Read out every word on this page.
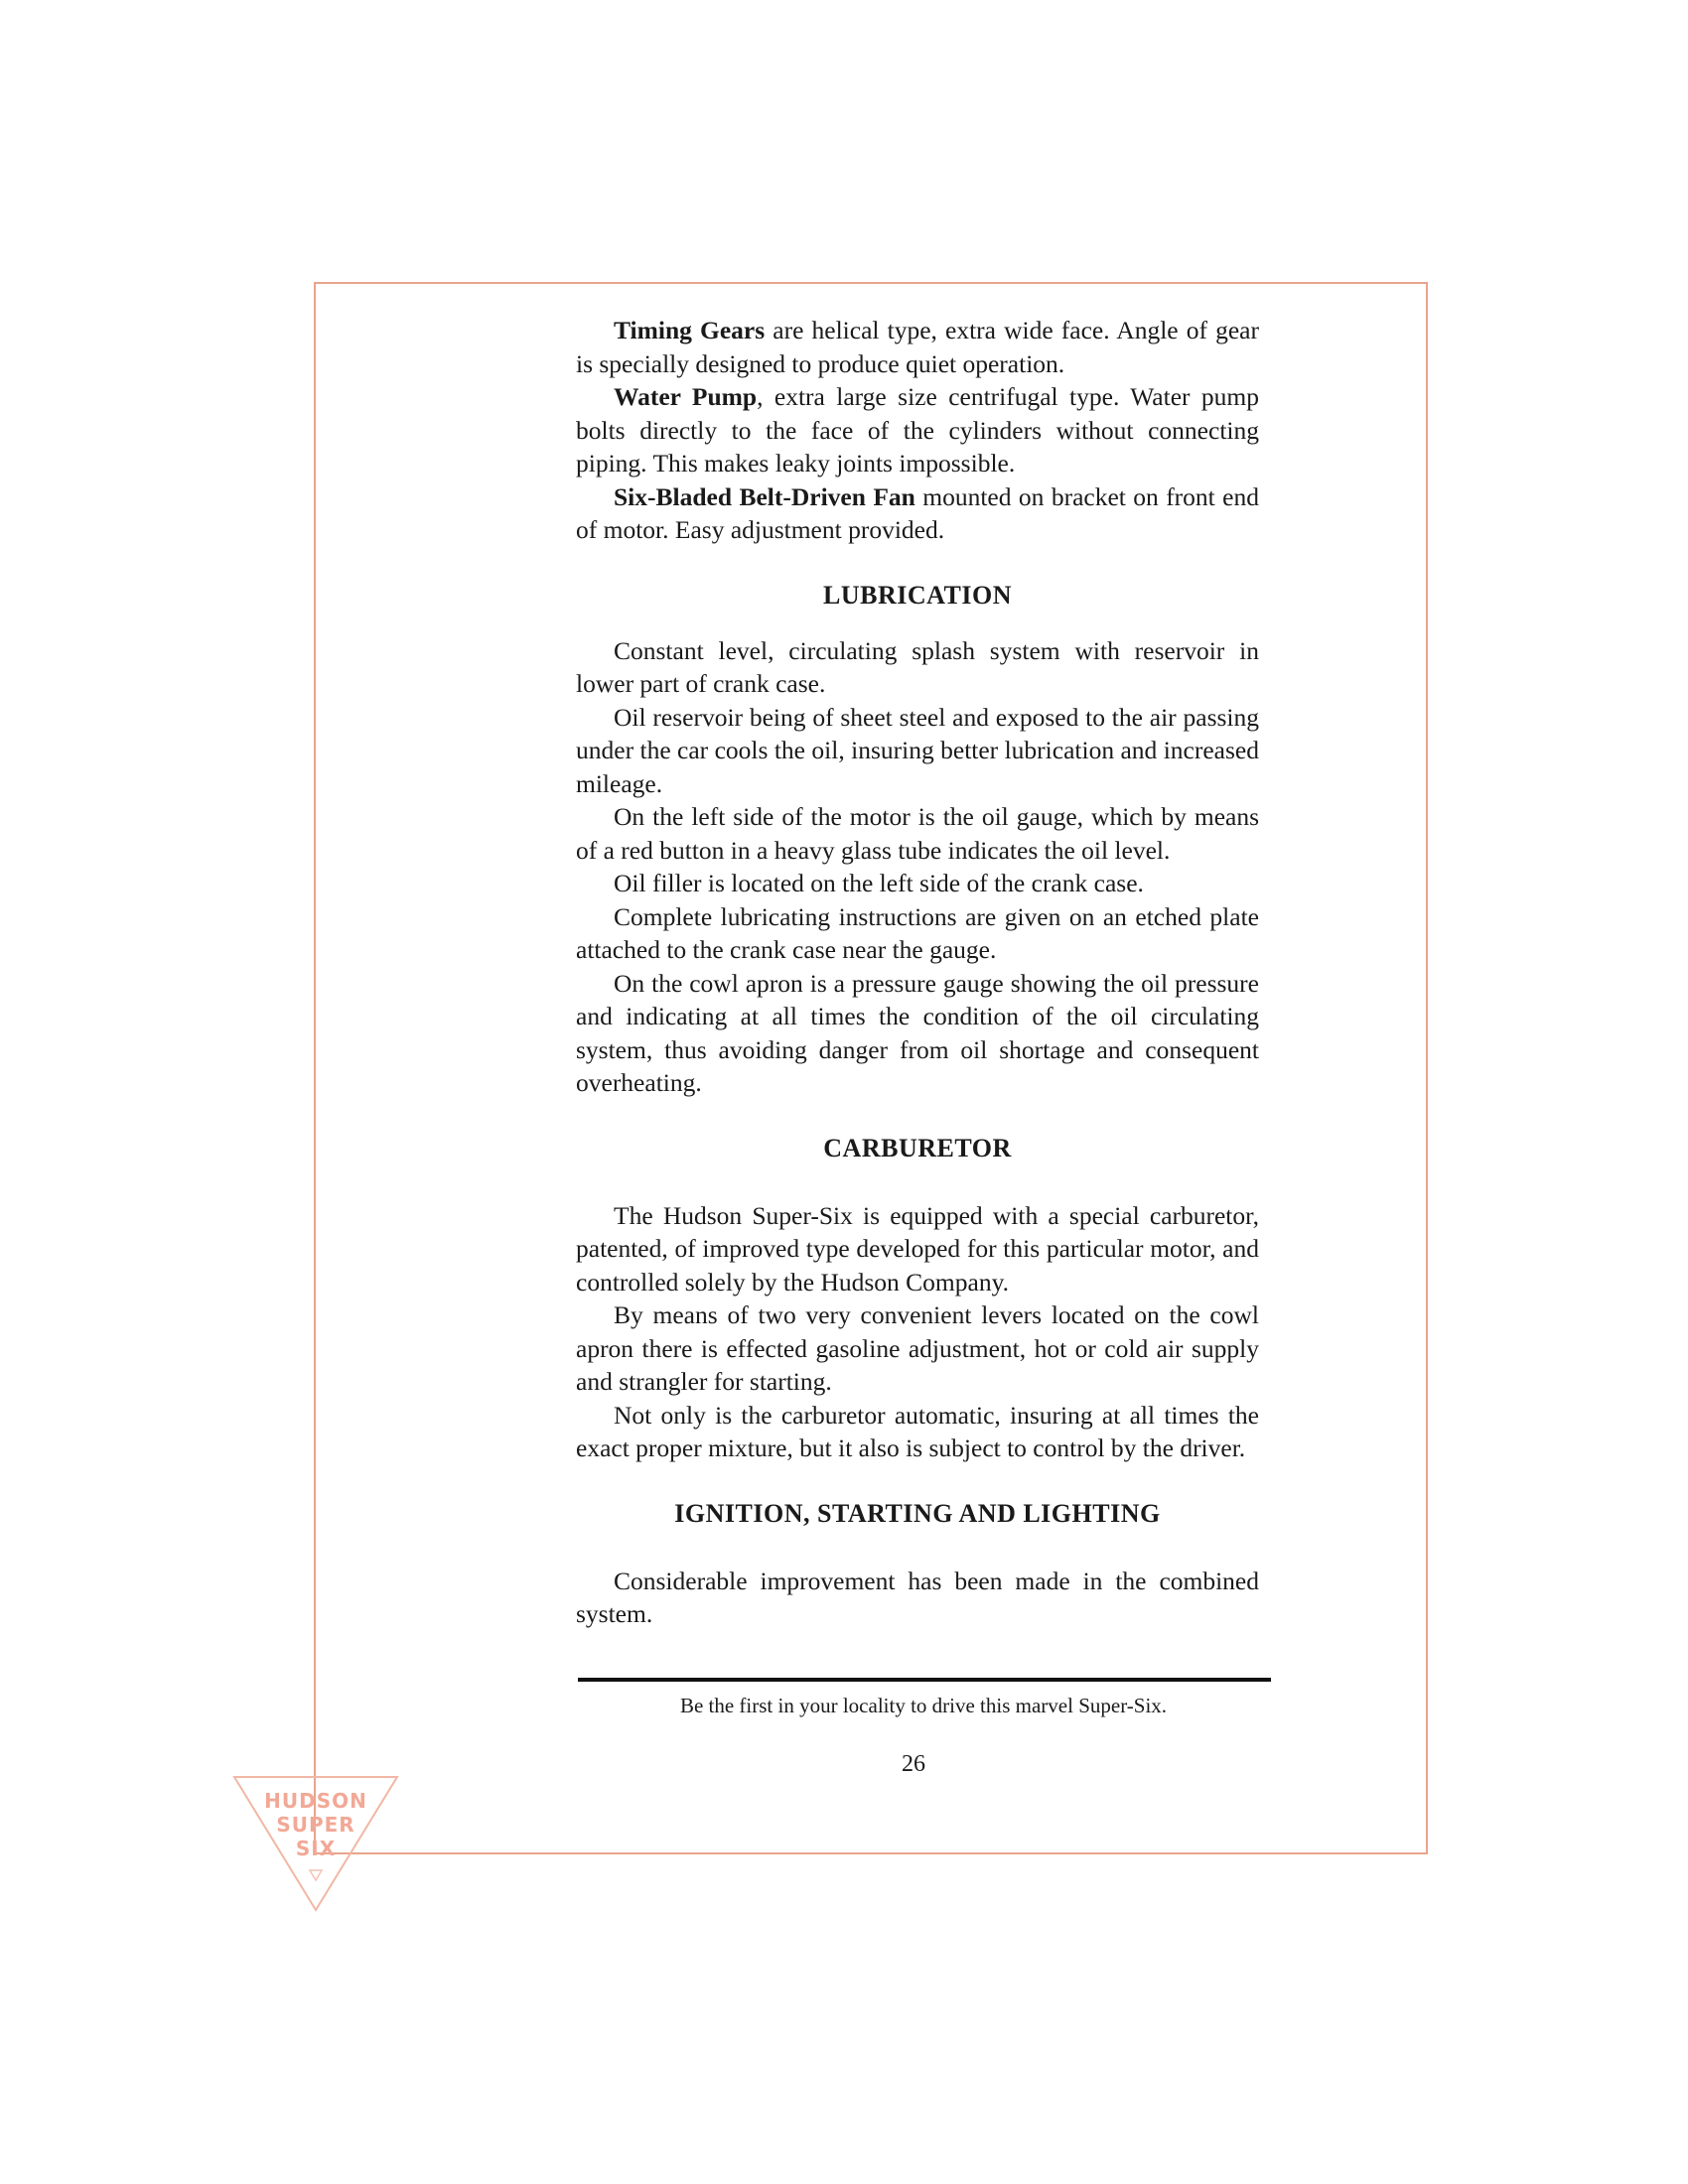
Timing Gears are helical type, extra wide face. Angle of gear is specially designed to produce quiet operation.

Water Pump, extra large size centrifugal type. Water pump bolts directly to the face of the cylinders without connecting piping. This makes leaky joints impossible.

Six-Bladed Belt-Driven Fan mounted on bracket on front end of motor. Easy adjustment provided.

LUBRICATION

Constant level, circulating splash system with reservoir in lower part of crank case.

Oil reservoir being of sheet steel and exposed to the air passing under the car cools the oil, insuring better lubrication and increased mileage.

On the left side of the motor is the oil gauge, which by means of a red button in a heavy glass tube indicates the oil level.

Oil filler is located on the left side of the crank case.

Complete lubricating instructions are given on an etched plate attached to the crank case near the gauge.

On the cowl apron is a pressure gauge showing the oil pressure and indicating at all times the condition of the oil circulating system, thus avoiding danger from oil shortage and consequent overheating.

CARBURETOR

The Hudson Super-Six is equipped with a special carburetor, patented, of improved type developed for this particular motor, and controlled solely by the Hudson Company.

By means of two very convenient levers located on the cowl apron there is effected gasoline adjustment, hot or cold air supply and strangler for starting.

Not only is the carburetor automatic, insuring at all times the exact proper mixture, but it also is subject to control by the driver.

IGNITION, STARTING AND LIGHTING

Considerable improvement has been made in the combined system.

Be the first in your locality to drive this marvel Super-Six.
26
HUDSON
SUPER
SIX
